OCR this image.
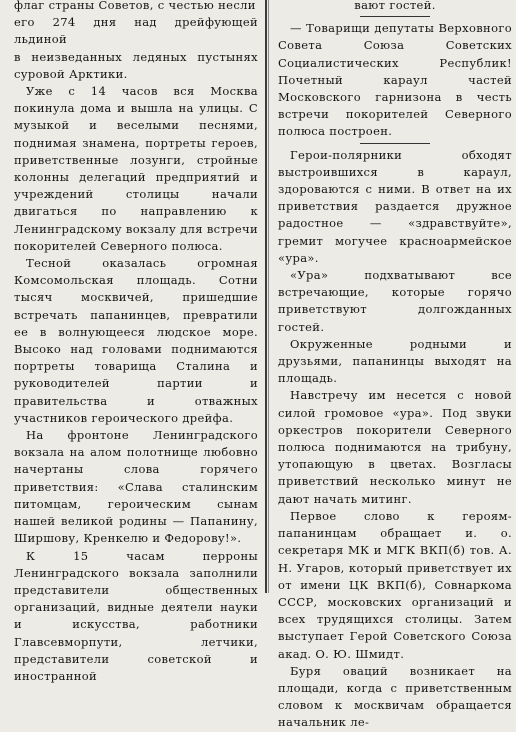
флаг страны Советов, с честью несли
его 274 дня над дрейфующей льдиной
в неизведанных ледяных пустынях суровой Арктики.

Уже с 14 часов вся Москва покинула дома и вышла на улицы. С музыкой и веселыми песнями, поднимая знамена, портреты героев, приветственные лозунги, стройные колонны делегаций предприятий и учреждений столицы начали двигаться по направлению к Ленинградскому вокзалу для встречи покорителей Северного полюса.

Тесной оказалась огромная Комсомольская площадь. Сотни тысяч москвичей, пришедшие встречать папанинцев, превратили ее в волнующееся людское море. Высоко над головами поднимаются портреты товарища Сталина и руководителей партии и правительства и отважных участников героического дрейфа.

На фронтоне Ленинградского вокзала на алом полотнище любовно начертаны слова горячего приветствия: «Слава сталинским питомцам, героическим сынам нашей великой родины — Папанину, Ширшову, Кренкелю и Федорову!».

К 15 часам перроны Ленинградского вокзала заполнили представители общественных организаций, видные деятели науки и искусства, работники Главсевморпути, летчики, представители советской и иностранной

вают гостей.

— Товарищи депутаты Верховного Совета Союза Советских Социалистических Республик! Почетный караул частей Московского гарнизона в честь встречи покорителей Северного полюса построен.

Герои-полярники обходят выстроившихся в караул, здороваются с ними. В ответ на их приветствия раздается дружное радостное — «здравствуйте», гремит могучее красноармейское «ура».

«Ура» подхватывают все встречающие, которые горячо приветствуют долгожданных гостей.

Окруженные родными и друзьями, папанинцы выходят на площадь.

Навстречу им несется с новой силой громовое «ура». Под звуки оркестров покорители Северного полюса поднимаются на трибуну, утопающую в цветах. Возгласы приветствий несколько минут не дают начать митинг.

Первое слово к героям-папанинцам обращает и. о. секретаря МК и МГК ВКП(б) тов. А. Н. Угаров, который приветствует их от имени ЦК ВКП(б), Совнаркома СССР, московских организаций и всех трудящихся столицы. Затем выступает Герой Советского Союза акад. О. Ю. Шмидт.

Буря оваций возникает на площади, когда с приветственным словом к москвичам обращается начальник ле-
